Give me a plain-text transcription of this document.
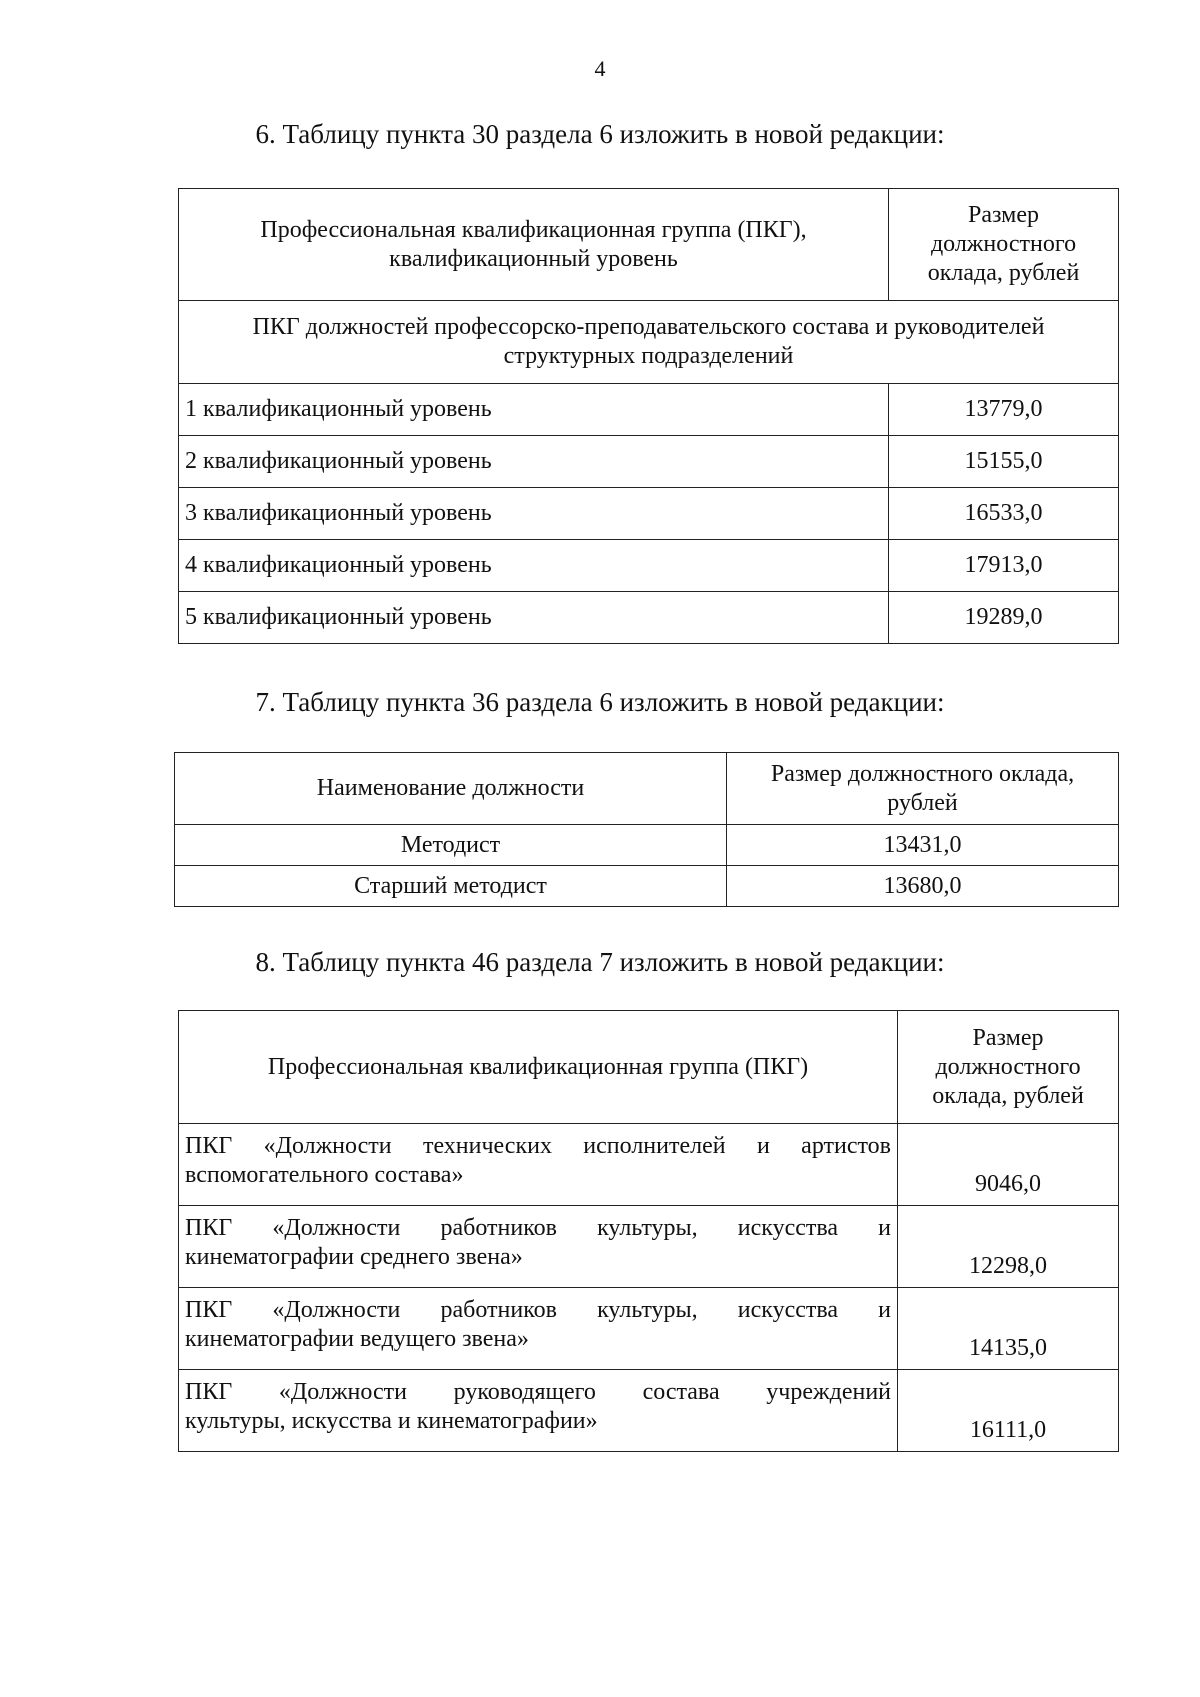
4
6. Таблицу пункта 30 раздела 6 изложить в новой редакции:
Профессиональная квалификационная группа (ПКГ), квалификационный уровень	Размер должностного оклада, рублей
ПКГ должностей профессорско-преподавательского состава и руководителей структурных подразделений	
1 квалификационный уровень	13779,0
2 квалификационный уровень	15155,0
3 квалификационный уровень	16533,0
4 квалификационный уровень	17913,0
5 квалификационный уровень	19289,0
7. Таблицу пункта 36 раздела 6 изложить в новой редакции:
Наименование должности	Размер должностного оклада, рублей
Методист	13431,0
Старший методист	13680,0
8. Таблицу пункта 46 раздела 7 изложить в новой редакции:
Профессиональная квалификационная группа (ПКГ)	Размер должностного оклада, рублей

ПКГ «Должности технических исполнителей и артистов
вспомогательного состава»	9046,0

ПКГ «Должности работников культуры, искусства и
кинематографии среднего звена»	12298,0

ПКГ «Должности работников культуры, искусства и
кинематографии ведущего звена»	14135,0

ПКГ «Должности руководящего состава учреждений
культуры, искусства и кинематографии»	16111,0
